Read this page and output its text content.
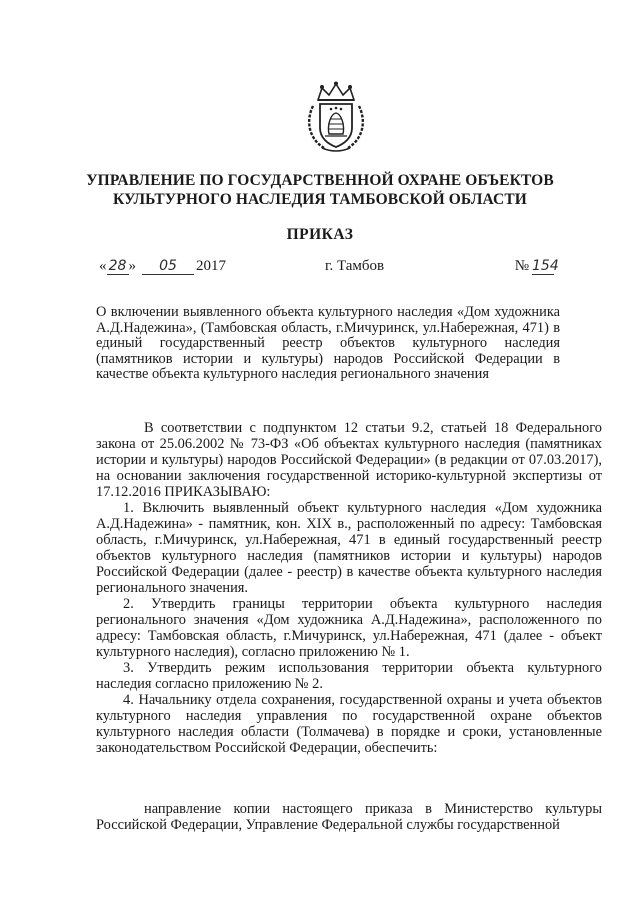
УПРАВЛЕНИЕ ПО ГОСУДАРСТВЕННОЙ ОХРАНЕ ОБЪЕКТОВ
КУЛЬТУРНОГО НАСЛЕДИЯ ТАМБОВСКОЙ ОБЛАСТИ
ПРИКАЗ
« 28 » 05 2017	г. Тамбов	№ 154
О включении выявленного объекта культурного наследия «Дом художника А.Д.Надежина», (Тамбовская область, г.Мичуринск, ул.Набережная, 471) в единый государственный реестр объектов культурного наследия (памятников истории и культуры) народов Российской Федерации в качестве объекта культурного наследия регионального значения

В соответствии с подпунктом 12 статьи 9.2, статьей 18 Федерального закона от 25.06.2002 № 73-ФЗ «Об объектах культурного наследия (памятниках истории и культуры) народов Российской Федерации» (в редакции от 07.03.2017), на основании заключения государственной историко-культурной экспертизы от 17.12.2016 ПРИКАЗЫВАЮ:

1. Включить выявленный объект культурного наследия «Дом художника А.Д.Надежина» - памятник, кон. XIX в., расположенный по адресу: Тамбовская область, г.Мичуринск, ул.Набережная, 471 в единый государственный реестр объектов культурного наследия (памятников истории и культуры) народов Российской Федерации (далее - реестр) в качестве объекта культурного наследия регионального значения.

2. Утвердить границы территории объекта культурного наследия регионального значения «Дом художника А.Д.Надежина», расположенного по адресу: Тамбовская область, г.Мичуринск, ул.Набережная, 471 (далее - объект культурного наследия), согласно приложению № 1.

3. Утвердить режим использования территории объекта культурного наследия согласно приложению № 2.

4. Начальнику отдела сохранения, государственной охраны и учета объектов культурного наследия управления по государственной охране объектов культурного наследия области (Толмачева) в порядке и сроки, установленные законодательством Российской Федерации, обеспечить:

направление копии настоящего приказа в Министерство культуры Российской Федерации, Управление Федеральной службы государственной
